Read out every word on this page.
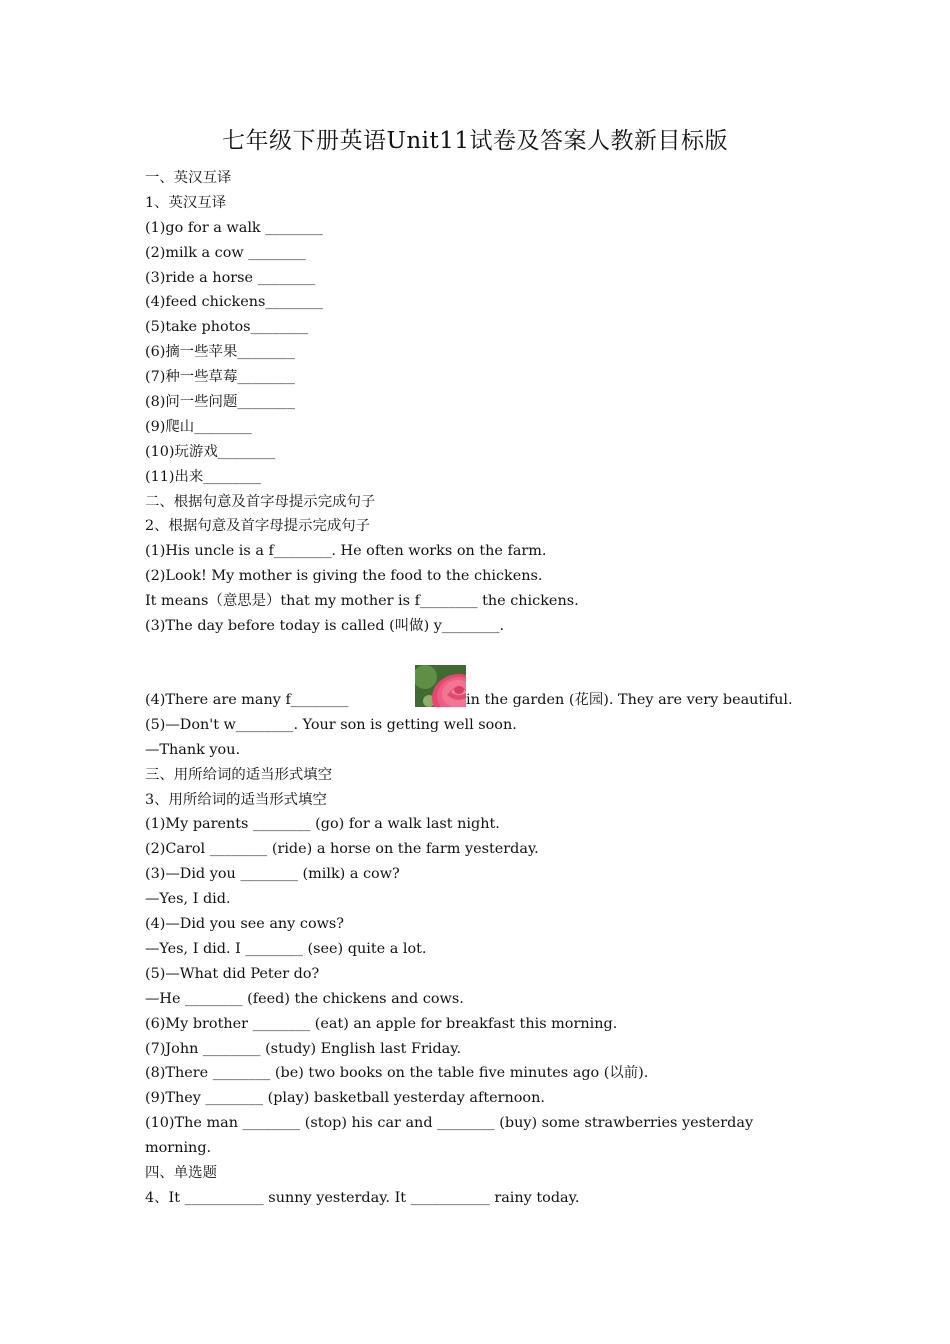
七年级下册英语Unit11试卷及答案人教新目标版
一、英汉互译
1、英汉互译
(1)go for a walk ________
(2)milk a cow ________
(3)ride a horse ________
(4)feed chickens________
(5)take photos________
(6)摘一些苹果________
(7)种一些草莓________
(8)问一些问题________
(9)爬山________
(10)玩游戏________
(11)出来________
二、根据句意及首字母提示完成句子
2、根据句意及首字母提示完成句子
(1)His uncle is a f________. He often works on the farm.
(2)Look! My mother is giving the food to the chickens.
It means（意思是）that my mother is f________ the chickens.
(3)The day before today is called (叫做) y________.

(4)There are many f________

	in the garden (花园). They are very beautiful.

(5)—Don't w________. Your son is getting well soon.
—Thank you.
三、用所给词的适当形式填空
3、用所给词的适当形式填空
(1)My parents ________ (go) for a walk last night.
(2)Carol ________ (ride) a horse on the farm yesterday.
(3)—Did you ________ (milk) a cow?
—Yes, I did.
(4)—Did you see any cows?
—Yes, I did. I ________ (see) quite a lot.
(5)—What did Peter do?
—He ________ (feed) the chickens and cows.
(6)My brother ________ (eat) an apple for breakfast this morning.
(7)John ________ (study) English last Friday.
(8)There ________ (be) two books on the table five minutes ago (以前).
(9)They ________ (play) basketball yesterday afternoon.
(10)The man ________ (stop) his car and ________ (buy) some strawberries yesterday
morning.
四、单选题
4、It ___________ sunny yesterday. It ___________ rainy today.
